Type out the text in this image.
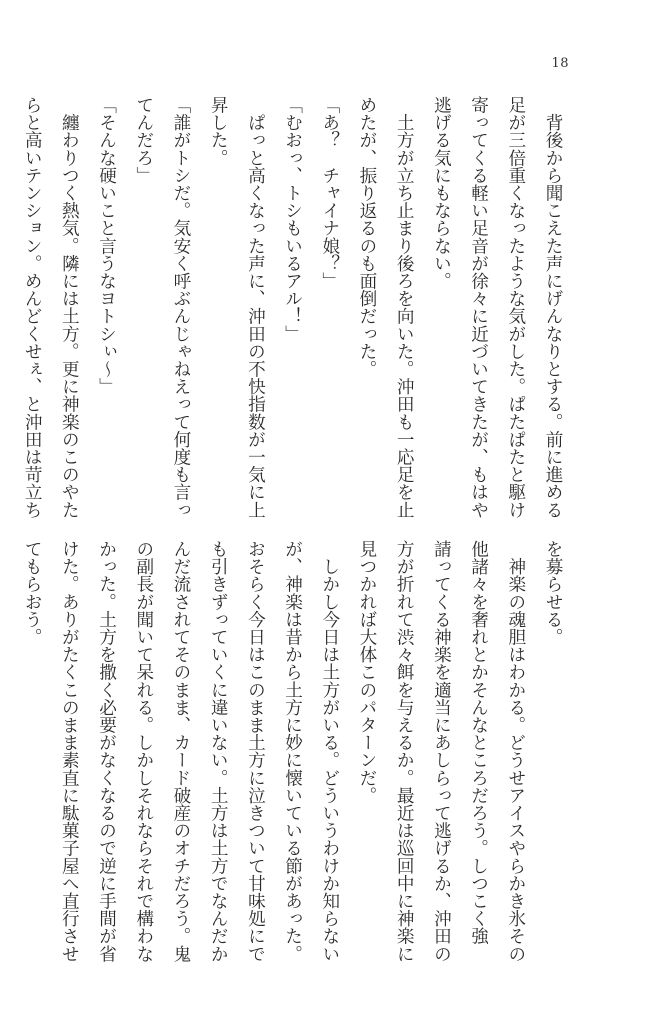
18
　背後から聞こえた声にげんなりとする。前に進める
足が三倍重くなったような気がした。ぱたぱたと駆け
寄ってくる軽い足音が徐々に近づいてきたが、もはや
逃げる気にもならない。
　土方が立ち止まり後ろを向いた。沖田も一応足を止
めたが、振り返るのも面倒だった。
「あ？　チャイナ娘？」
「むおっ、トシもいるアル！」
　ぱっと高くなった声に、沖田の不快指数が一気に上
昇した。
「誰がトシだ。気安く呼ぶんじゃねえって何度も言っ
てんだろ」
「そんな硬いこと言うなヨトシぃ〜」
　纏わりつく熱気。隣には土方。更に神楽のこのやた
らと高いテンション。めんどくせぇ、と沖田は苛立ち
を募らせる。
　神楽の魂胆はわかる。どうせアイスやらかき氷その
他諸々を奢れとかそんなところだろう。しつこく強
請ってくる神楽を適当にあしらって逃げるか、沖田の
方が折れて渋々餌を与えるか。最近は巡回中に神楽に
見つかれば大体このパターンだ。
　しかし今日は土方がいる。どういうわけか知らない
が、神楽は昔から土方に妙に懐いている節があった。
おそらく今日はこのまま土方に泣きついて甘味処にで
も引きずっていくに違いない。土方は土方でなんだか
んだ流されてそのまま、カード破産のオチだろう。鬼
の副長が聞いて呆れる。しかしそれならそれで構わな
かった。土方を撒く必要がなくなるので逆に手間が省
けた。ありがたくこのまま素直に駄菓子屋へ直行させ
てもらおう。
